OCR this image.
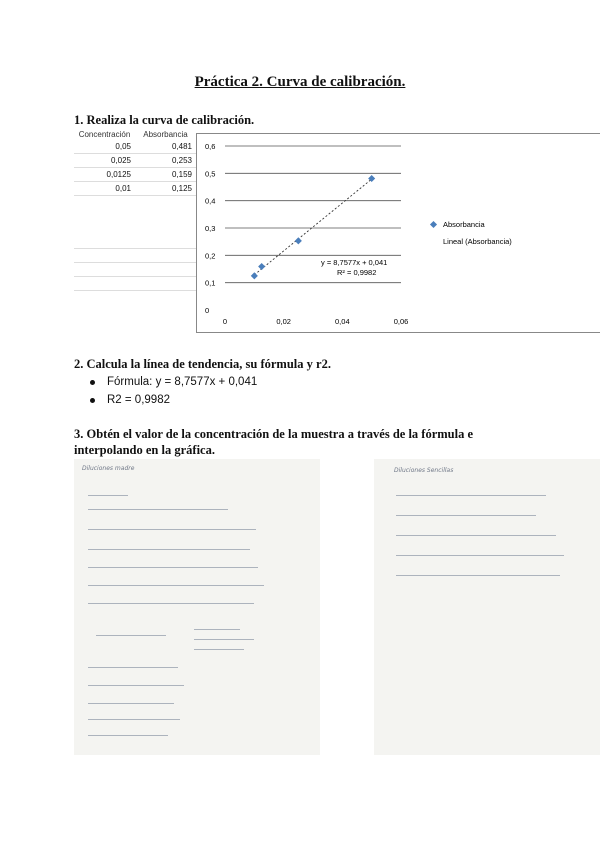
Práctica 2. Curva de calibración.
1. Realiza la curva de calibración.
Concentración	Absorbancia
0,05	0,481
0,025	0,253
0,0125	0,159
0,01	0,125
0
0,1
0,2
0,3
0,4
0,5
0,6
0	0,02	0,04	0,06
y = 8,7577x + 0,041
R² = 0,9982
Absorbancia
Lineal (Absorbancia)
2. Calcula la línea de tendencia, su fórmula y r2.
Fórmula: y = 8,7577x + 0,041
R2 = 0,9982
3. Obtén el valor de la concentración de la muestra a través de la fórmula e interpolando en la gráfica.
Diluciones madre	Diluciones Sencillas
